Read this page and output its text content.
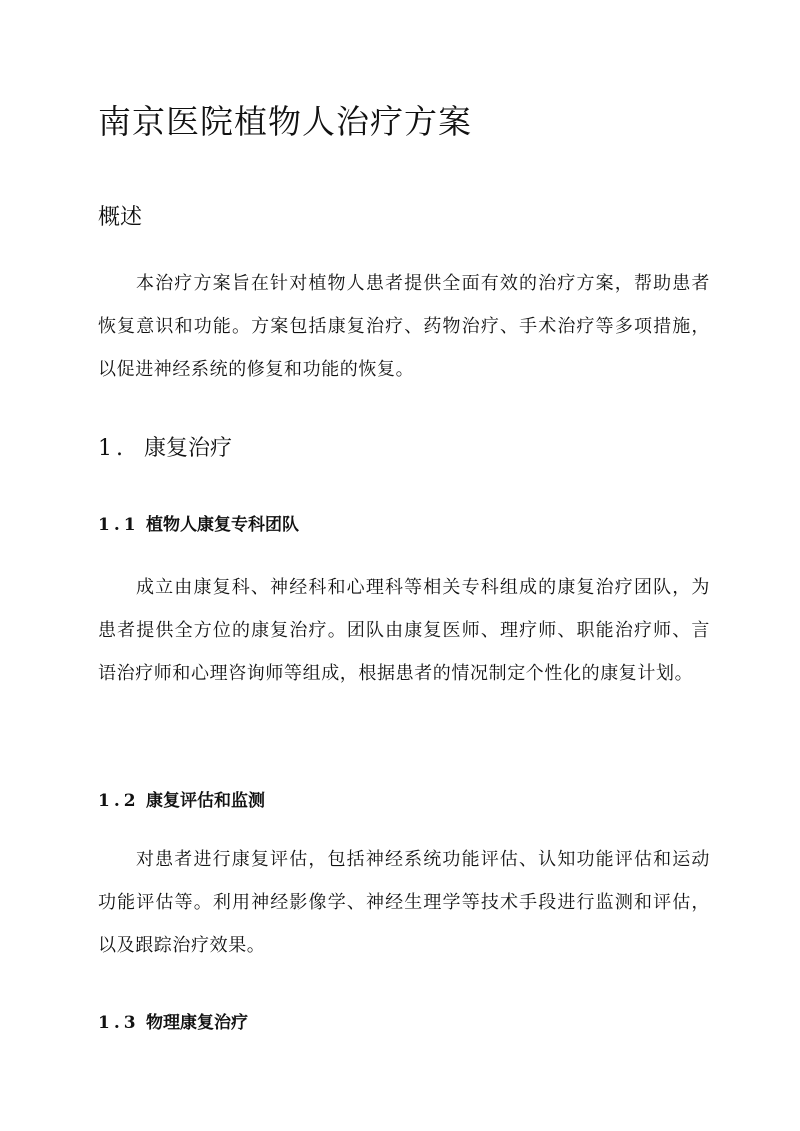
南京医院植物人治疗方案
概述

本治疗方案旨在针对植物人患者提供全面有效的治疗方案，帮助患者恢复意识和功能。方案包括康复治疗、药物治疗、手术治疗等多项措施，以促进神经系统的修复和功能的恢复。

1. 康复治疗
1.1 植物人康复专科团队

成立由康复科、神经科和心理科等相关专科组成的康复治疗团队，为患者提供全方位的康复治疗。团队由康复医师、理疗师、职能治疗师、言语治疗师和心理咨询师等组成，根据患者的情况制定个性化的康复计划。

1.2 康复评估和监测

对患者进行康复评估，包括神经系统功能评估、认知功能评估和运动功能评估等。利用神经影像学、神经生理学等技术手段进行监测和评估，以及跟踪治疗效果。

1.3 物理康复治疗
